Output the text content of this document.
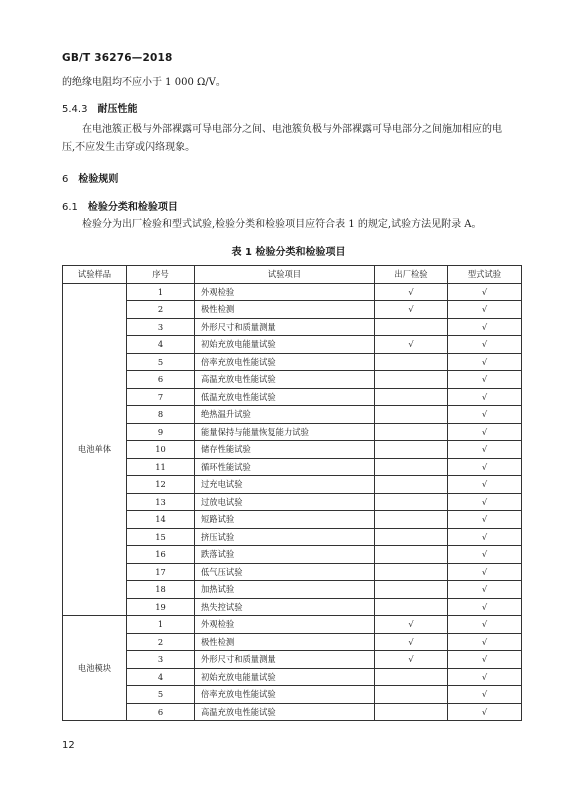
GB/T 36276—2018
的绝缘电阻均不应小于 1 000 Ω/V。
5.4.3 耐压性能
在电池簇正极与外部裸露可导电部分之间、电池簇负极与外部裸露可导电部分之间施加相应的电
压,不应发生击穿或闪络现象。
6 检验规则
6.1 检验分类和检验项目
检验分为出厂检验和型式试验,检验分类和检验项目应符合表 1 的规定,试验方法见附录 A。
表 1 检验分类和检验项目
试验样品	序号	试验项目	出厂检验	型式试验
电池单体	1	外观检验	√	√
	2	极性检测	√	√
	3	外形尺寸和质量测量		√
	4	初始充放电能量试验	√	√
	5	倍率充放电性能试验		√
	6	高温充放电性能试验		√
	7	低温充放电性能试验		√
	8	绝热温升试验		√
	9	能量保持与能量恢复能力试验		√
	10	储存性能试验		√
	11	循环性能试验		√
	12	过充电试验		√
	13	过放电试验		√
	14	短路试验		√
	15	挤压试验		√
	16	跌落试验		√
	17	低气压试验		√
	18	加热试验		√
	19	热失控试验		√
电池模块	1	外观检验	√	√
	2	极性检测	√	√
	3	外形尺寸和质量测量	√	√
	4	初始充放电能量试验		√
	5	倍率充放电性能试验		√
	6	高温充放电性能试验		√
12
